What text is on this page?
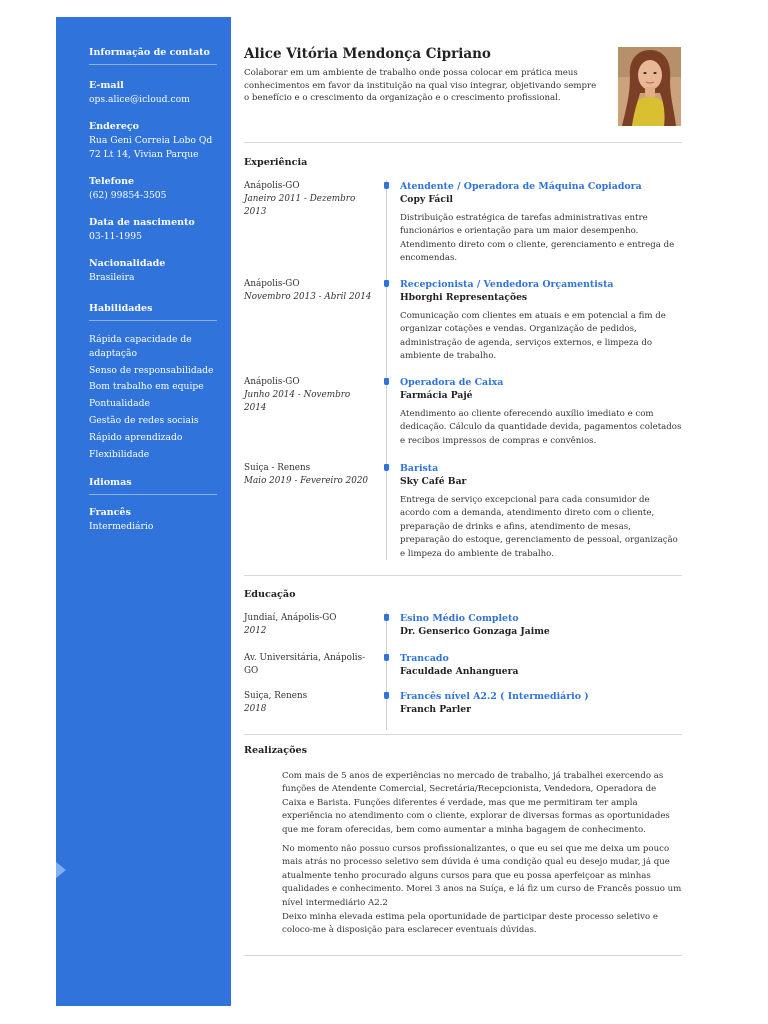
Informação de contato
E-mail
ops.alice@icloud.com
Endereço
Rua Geni Correia Lobo Qd
72 Lt 14, Vivian Parque
Telefone
(62) 99854-3505
Data de nascimento
03-11-1995
Nacionalidade
Brasileira
Habilidades
Rápida capacidade de
adaptação
Senso de responsabilidade
Bom trabalho em equipe
Pontualidade
Gestão de redes sociais
Rápido aprendizado
Flexibilidade
Idiomas
Francês
Intermediário
Alice Vitória Mendonça Cipriano
Colaborar em um ambiente de trabalho onde possa colocar em prática meus conhecimentos em favor da instituição na qual viso integrar, objetivando sempre o benefício e o crescimento da organização e o crescimento profissional.
Experiência
Anápolis-GO
Janeiro 2011 - Dezembro 2013
Atendente / Operadora de Máquina Copiadora
Copy Fácil
Distribuição estratégica de tarefas administrativas entre funcionários e orientação para um maior desempenho. Atendimento direto com o cliente, gerenciamento e entrega de encomendas.
Anápolis-GO
Novembro 2013 - Abril 2014
Recepcionista / Vendedora Orçamentista
Hborghi Representações
Comunicação com clientes em atuais e em potencial a fim de organizar cotações e vendas. Organização de pedidos, administração de agenda, serviços externos, e limpeza do ambiente de trabalho.
Anápolis-GO
Junho 2014 - Novembro 2014
Operadora de Caixa
Farmácia Pajé
Atendimento ao cliente oferecendo auxílio imediato e com dedicação. Cálculo da quantidade devida, pagamentos coletados e recibos impressos de compras e convênios.
Suiça - Renens
Maio 2019 - Fevereiro 2020
Barista
Sky Café Bar
Entrega de serviço excepcional para cada consumidor de acordo com a demanda, atendimento direto com o cliente, preparação de drinks e afins, atendimento de mesas, preparação do estoque, gerenciamento de pessoal, organização e limpeza do ambiente de trabalho.
Educação
Jundiaí, Anápolis-GO
2012
Esino Médio Completo
Dr. Genserico Gonzaga Jaime
Av. Universitária, Anápolis-GO
Trancado
Faculdade Anhanguera
Suiça, Renens
2018
Francês nível A2.2 ( Intermediário )
Franch Parler
Realizações
Com mais de 5 anos de experiências no mercado de trabalho, já trabalhei exercendo as funções de Atendente Comercial, Secretária/Recepcionista, Vendedora, Operadora de Caixa e Barista. Funções diferentes é verdade, mas que me permitiram ter ampla experiência no atendimento com o cliente, explorar de diversas formas as oportunidades que me foram oferecidas, bem como aumentar a minha bagagem de conhecimento.
No momento não possuo cursos profissionalizantes, o que eu sei que me deixa um pouco mais atrás no processo seletivo sem dúvida é uma condição qual eu desejo mudar, já que atualmente tenho procurado alguns cursos para que eu possa aperfeiçoar as minhas qualidades e conhecimento. Morei 3 anos na Suíça, e lá fiz um curso de Francês possuo um nível intermediário A2.2
Deixo minha elevada estima pela oportunidade de participar deste processo seletivo e coloco-me à disposição para esclarecer eventuais dúvidas.
